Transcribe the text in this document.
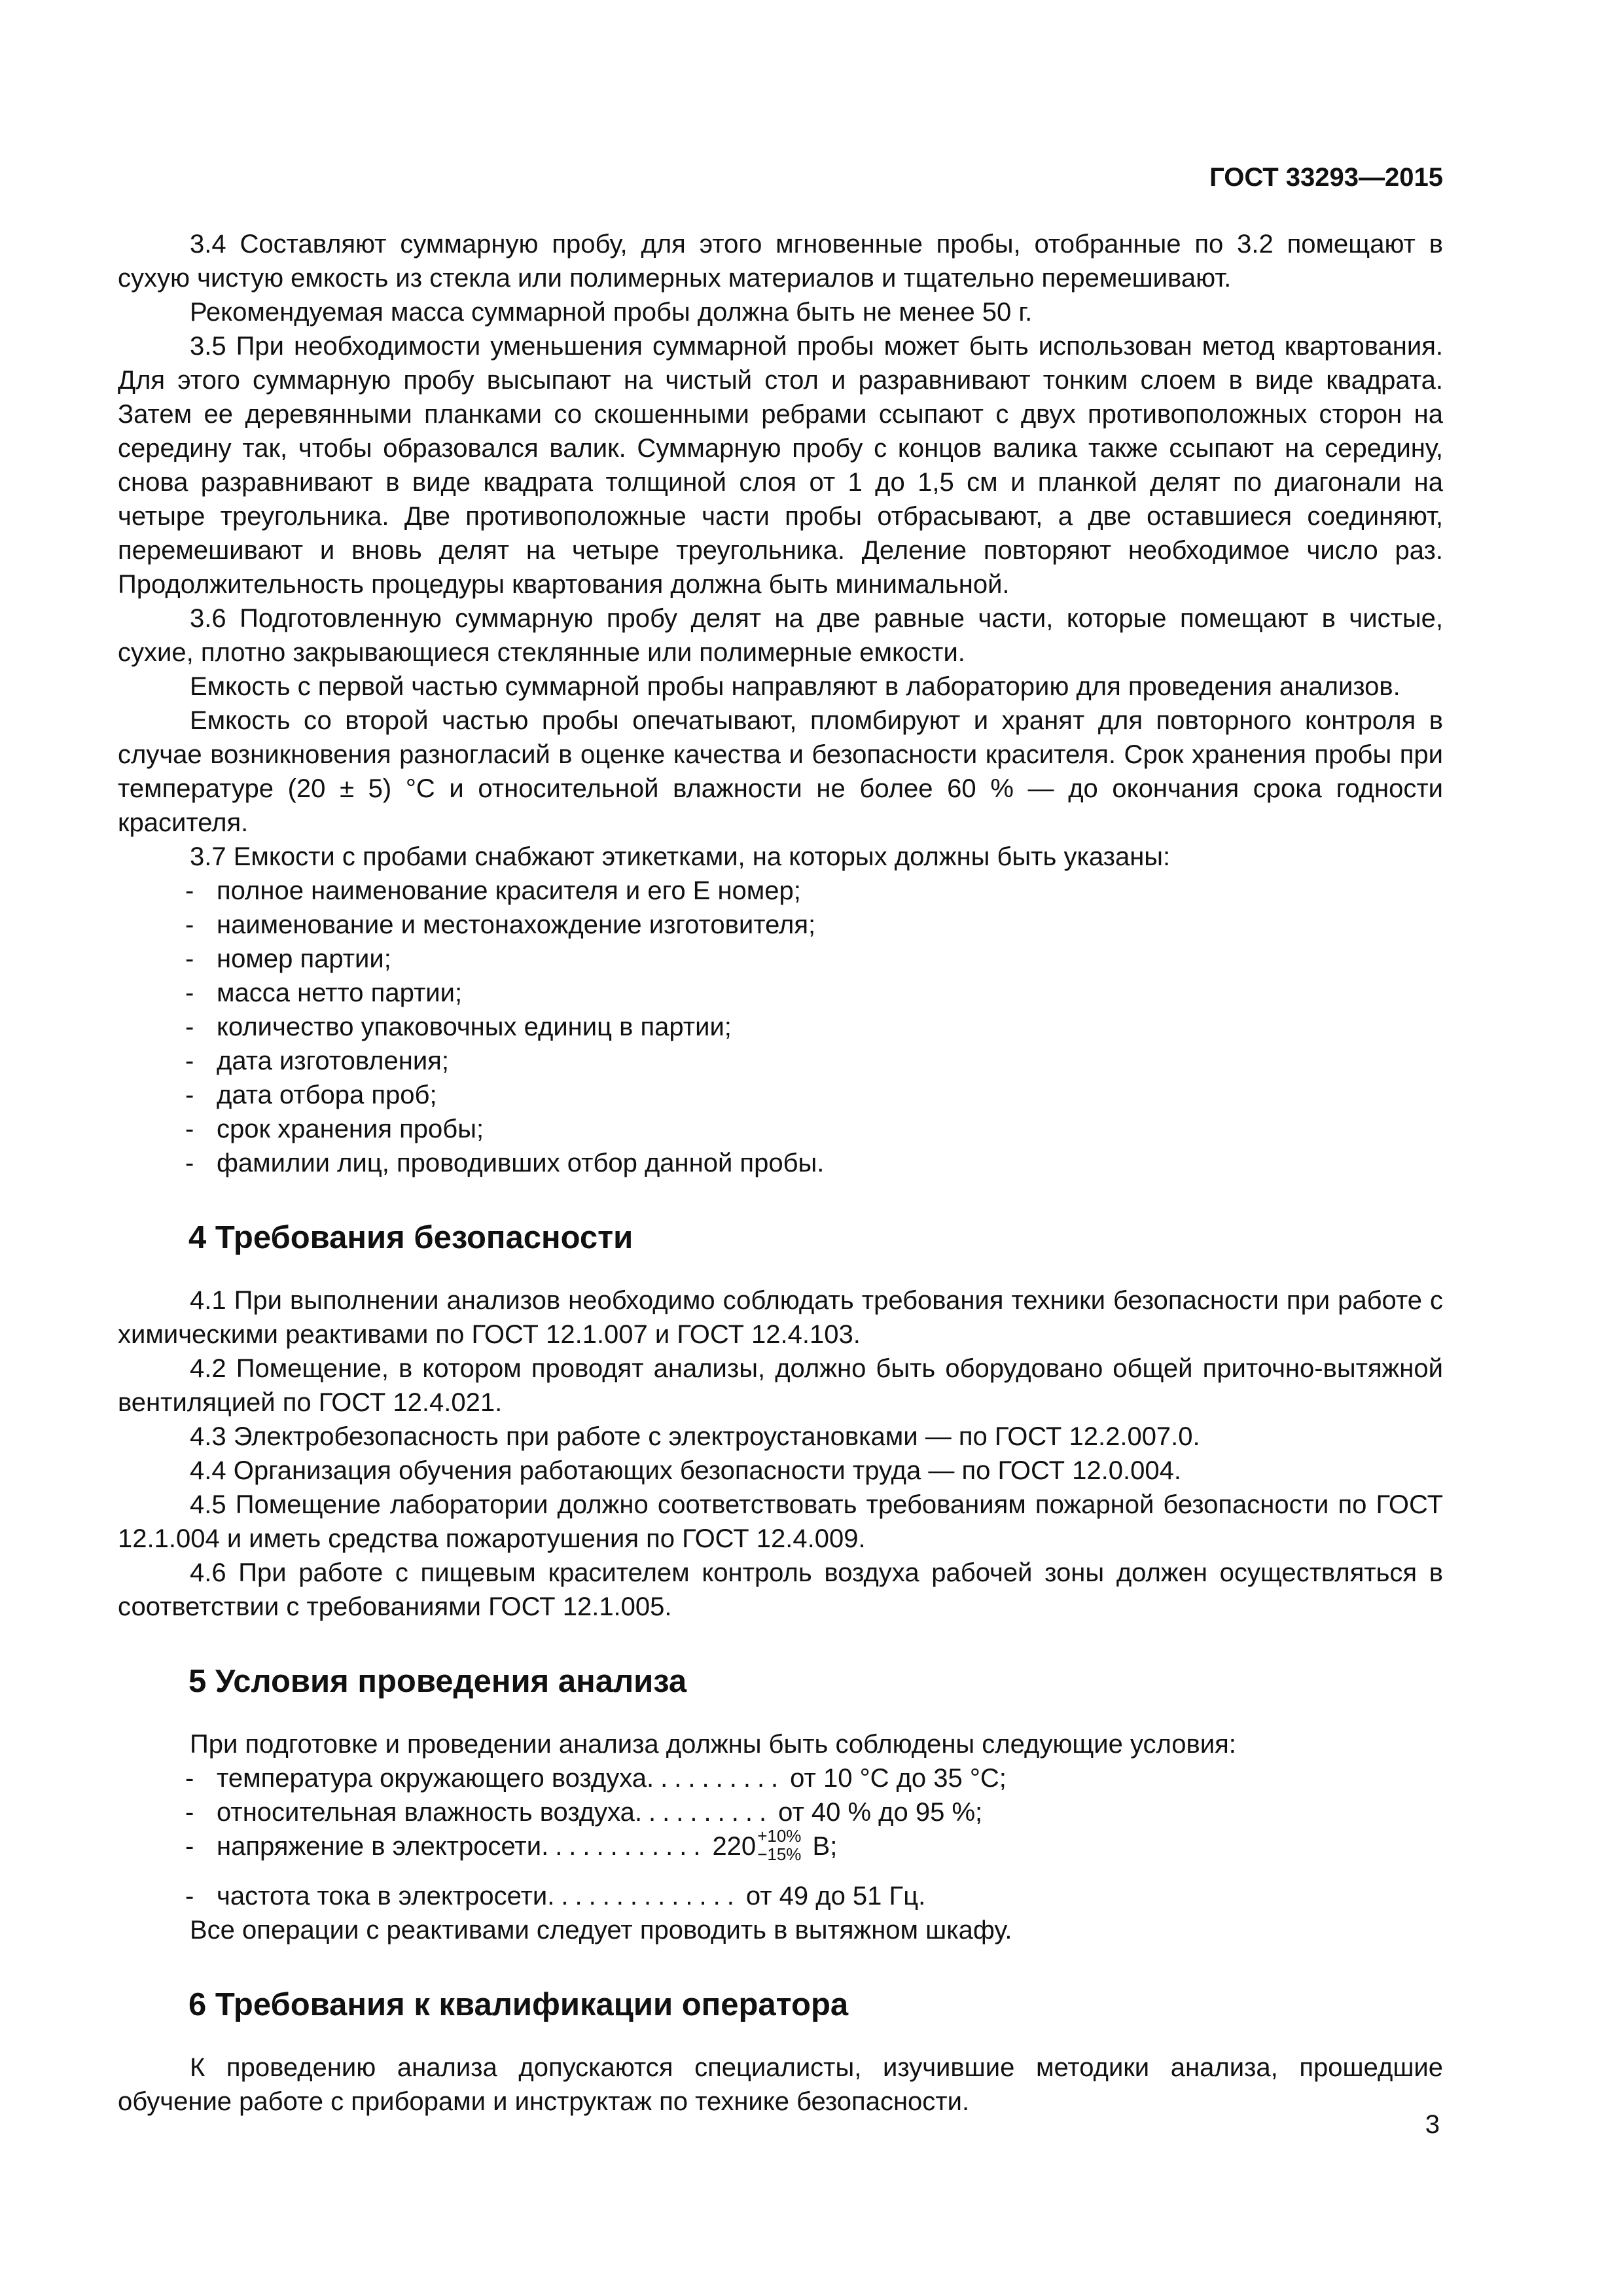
ГОСТ 33293—2015

3.4 Составляют суммарную пробу, для этого мгновенные пробы, отобранные по 3.2 помещают в сухую чистую емкость из стекла или полимерных материалов и тщательно перемешивают.

Рекомендуемая масса суммарной пробы должна быть не менее 50 г.

3.5 При необходимости уменьшения суммарной пробы может быть использован метод квартования. Для этого суммарную пробу высыпают на чистый стол и разравнивают тонким слоем в виде квадрата. Затем ее деревянными планками со скошенными ребрами ссыпают с двух противоположных сторон на середину так, чтобы образовался валик. Суммарную пробу с концов валика также ссыпают на середину, снова разравнивают в виде квадрата толщиной слоя от 1 до 1,5 см и планкой делят по диагонали на четыре треугольника. Две противоположные части пробы отбрасывают, а две оставшиеся соединяют, перемешивают и вновь делят на четыре треугольника. Деление повторяют необходимое число раз. Продолжительность процедуры квартования должна быть минимальной.

3.6 Подготовленную суммарную пробу делят на две равные части, которые помещают в чистые, сухие, плотно закрывающиеся стеклянные или полимерные емкости.

Емкость с первой частью суммарной пробы направляют в лабораторию для проведения анализов.

Емкость со второй частью пробы опечатывают, пломбируют и хранят для повторного контроля в случае возникновения разногласий в оценке качества и безопасности красителя. Срок хранения пробы при температуре (20 ± 5) °С и относительной влажности не более 60 % — до окончания срока годности красителя.

3.7 Емкости с пробами снабжают этикетками, на которых должны быть указаны:

- полное наименование красителя и его Е номер;
- наименование и местонахождение изготовителя;
- номер партии;
- масса нетто партии;
- количество упаковочных единиц в партии;
- дата изготовления;
- дата отбора проб;
- срок хранения пробы;
- фамилии лиц, проводивших отбор данной пробы.
4 Требования безопасности

4.1 При выполнении анализов необходимо соблюдать требования техники безопасности при работе с химическими реактивами по ГОСТ 12.1.007 и ГОСТ 12.4.103.

4.2 Помещение, в котором проводят анализы, должно быть оборудовано общей приточно-вытяжной вентиляцией по ГОСТ 12.4.021.

4.3 Электробезопасность при работе с электроустановками — по ГОСТ 12.2.007.0.

4.4 Организация обучения работающих безопасности труда — по ГОСТ 12.0.004.

4.5 Помещение лаборатории должно соответствовать требованиям пожарной безопасности по ГОСТ 12.1.004 и иметь средства пожаротушения по ГОСТ 12.4.009.

4.6 При работе с пищевым красителем контроль воздуха рабочей зоны должен осуществляться в соответствии с требованиями ГОСТ 12.1.005.

5 Условия проведения анализа

При подготовке и проведении анализа должны быть соблюдены следующие условия:

- температура окружающего воздуха .......... от 10 °С до 35 °С;
- относительная влажность воздуха .......... от 40 % до 95 %;
- напряжение в электросети ............ 220 +10%
−15% В;
- частота тока в электросети .............. от 49 до 51 Гц.

Все операции с реактивами следует проводить в вытяжном шкафу.

6 Требования к квалификации оператора

К проведению анализа допускаются специалисты, изучившие методики анализа, прошедшие обучение работе с приборами и инструктаж по технике безопасности.

3
